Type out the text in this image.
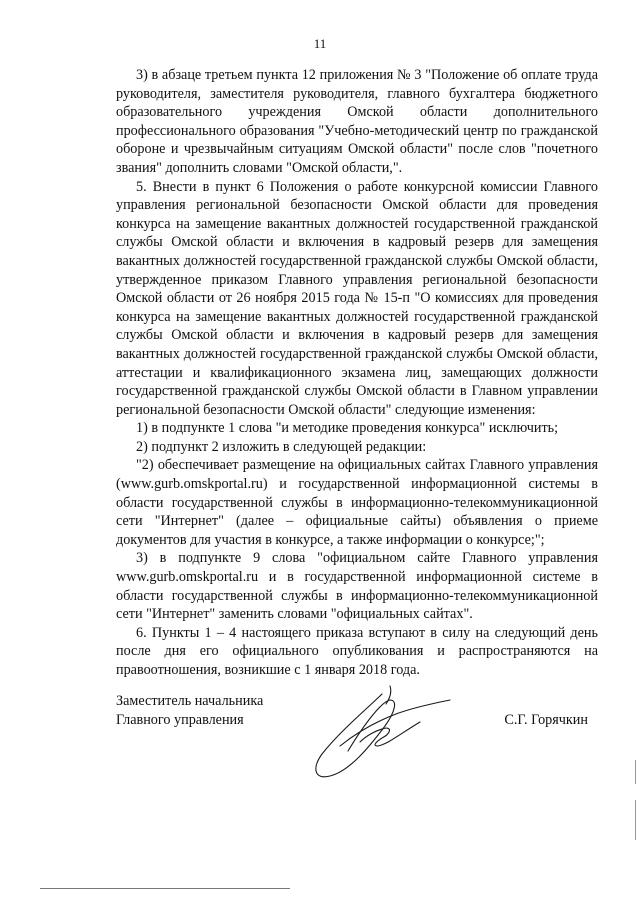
11

3) в абзаце третьем пункта 12 приложения № 3 "Положение об оплате труда руководителя, заместителя руководителя, главного бухгалтера бюджетного образовательного учреждения Омской области дополнительного профессионального образования "Учебно-методический центр по гражданской обороне и чрезвычайным ситуациям Омской области" после слов "почетного звания" дополнить словами "Омской области,".

5. Внести в пункт 6 Положения о работе конкурсной комиссии Главного управления региональной безопасности Омской области для проведения конкурса на замещение вакантных должностей государственной гражданской службы Омской области и включения в кадровый резерв для замещения вакантных должностей государственной гражданской службы Омской области, утвержденное приказом Главного управления региональной безопасности Омской области от 26 ноября 2015 года № 15-п "О комиссиях для проведения конкурса на замещение вакантных должностей государственной гражданской службы Омской области и включения в кадровый резерв для замещения вакантных должностей государственной гражданской службы Омской области, аттестации и квалификационного экзамена лиц, замещающих должности государственной гражданской службы Омской области в Главном управлении региональной безопасности Омской области" следующие изменения:

1) в подпункте 1 слова "и методике проведения конкурса" исключить;

2) подпункт 2 изложить в следующей редакции:

"2) обеспечивает размещение на официальных сайтах Главного управления (www.gurb.omskportal.ru) и государственной информационной системы в области государственной службы в информационно-телекоммуникационной сети "Интернет" (далее – официальные сайты) объявления о приеме документов для участия в конкурсе, а также информации о конкурсе;";

3) в подпункте 9 слова "официальном сайте Главного управления www.gurb.omskportal.ru и в государственной информационной системе в области государственной службы в информационно-телекоммуникационной сети "Интернет" заменить словами "официальных сайтах".

6. Пункты 1 – 4 настоящего приказа вступают в силу на следующий день после дня его официального опубликования и распространяются на правоотношения, возникшие с 1 января 2018 года.

Заместитель начальника
Главного управления	С.Г. Горячкин
